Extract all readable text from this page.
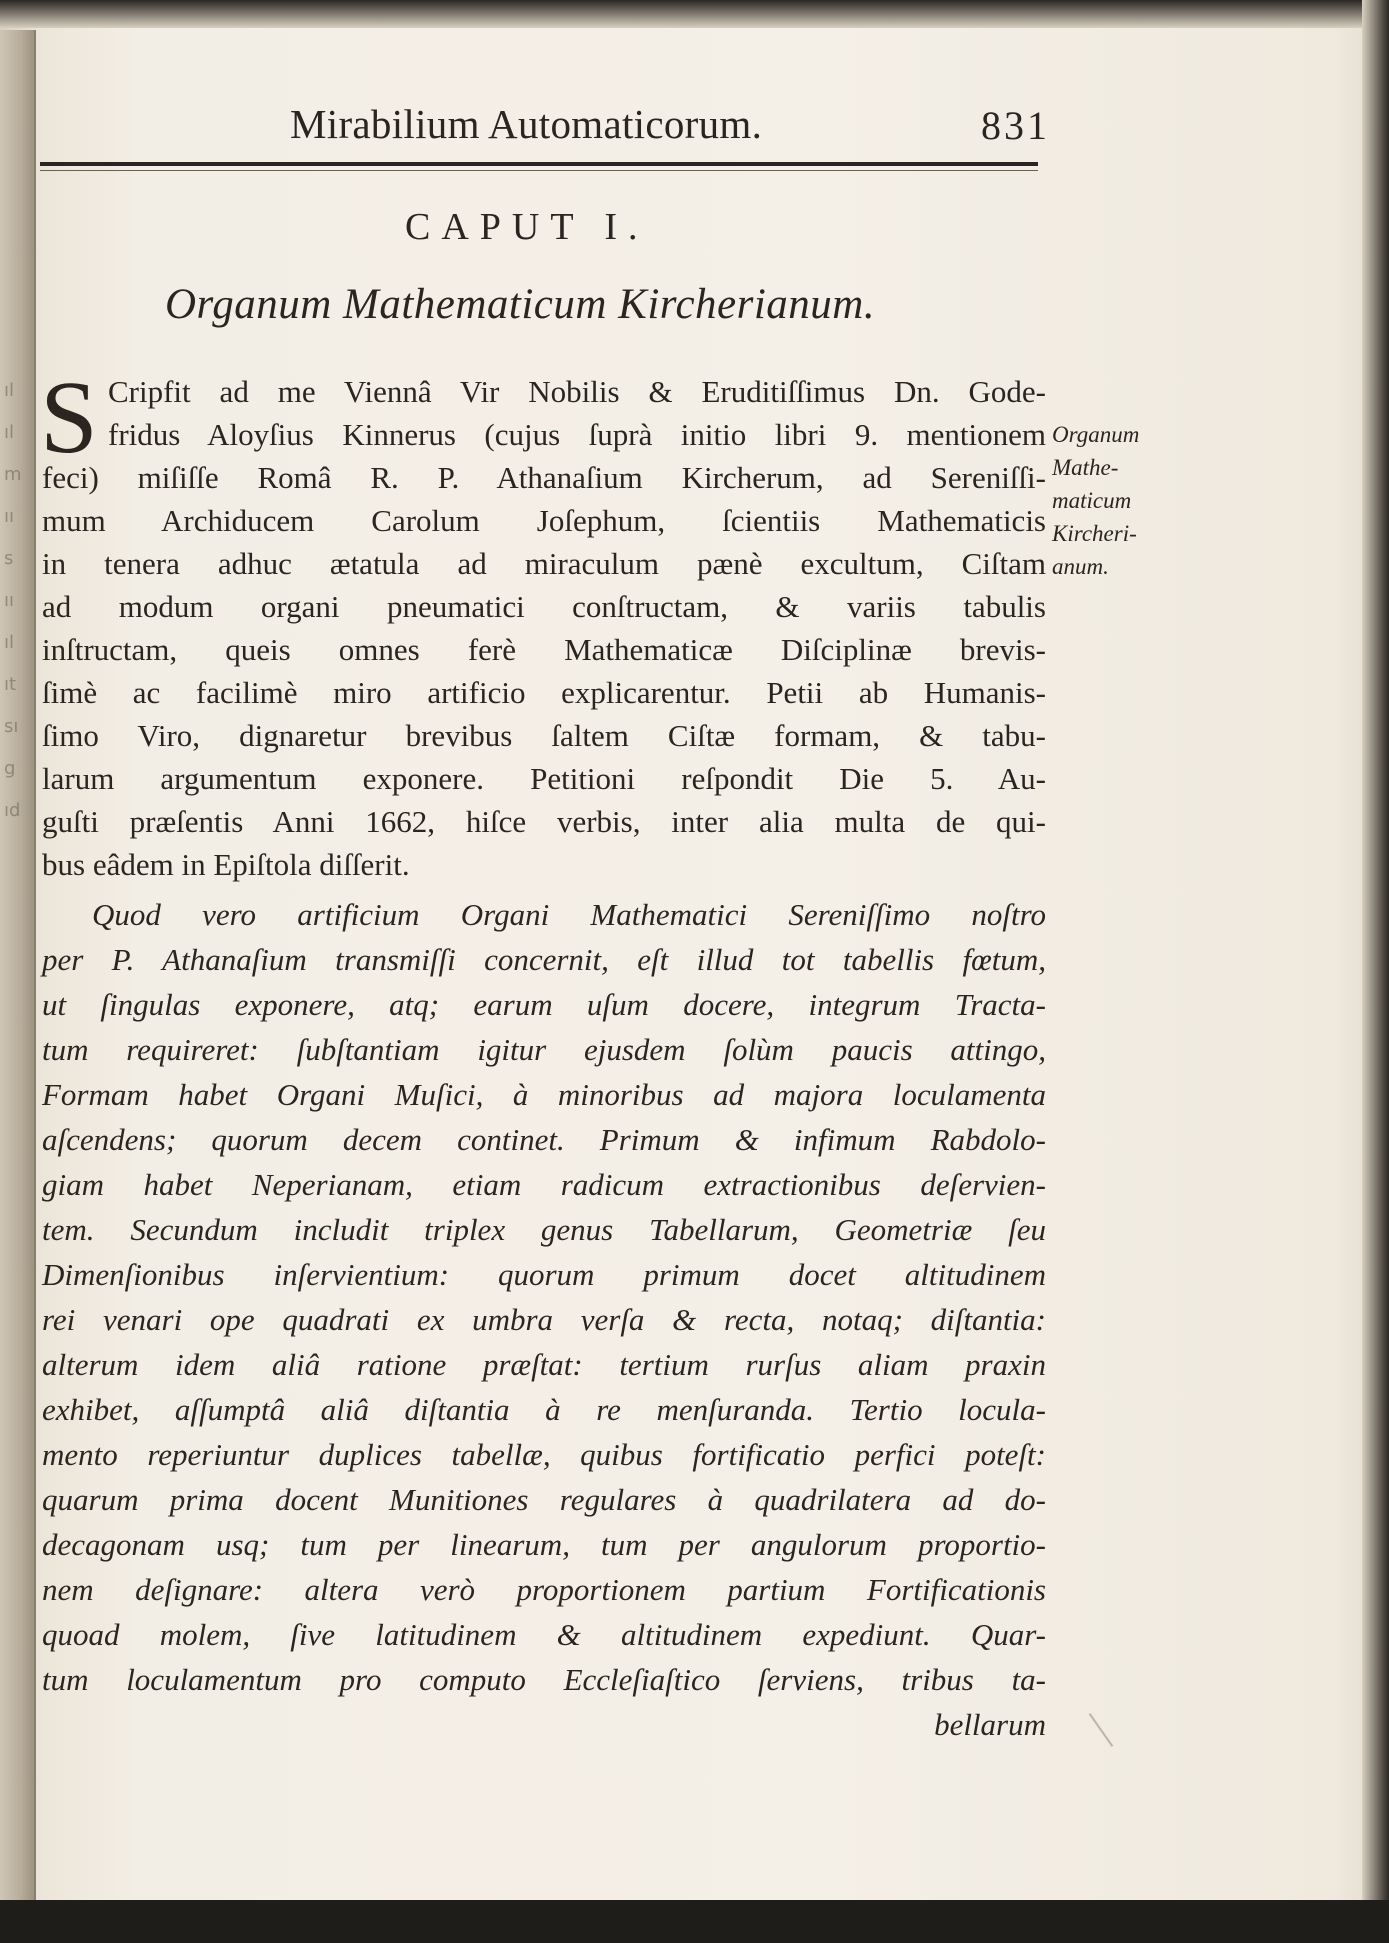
ıl
ıl
m
ıı
s
ıı
ıl
ıt
sı
g
ıd
Mirabilium Automaticorum.	831
CAPUT I.
Organum Mathematicum Kircherianum.
S Cripfit ad me Viennâ Vir Nobilis & Eruditiſſimus Dn. Gode-
fridus Aloyſius Kinnerus (cujus ſuprà initio libri 9. mentionem
feci) miſiſſe Româ R. P. Athanaſium Kircherum, ad Sereniſſi-
mum Archiducem Carolum Joſephum, ſcientiis Mathematicis
in tenera adhuc ætatula ad miraculum pænè excultum, Ciſtam
ad modum organi pneumatici conſtructam, & variis tabulis
inſtructam, queis omnes ferè Mathematicæ Diſciplinæ brevis-
ſimè ac facilimè miro artificio explicarentur. Petii ab Humanis-
ſimo Viro, dignaretur brevibus ſaltem Ciſtæ formam, & tabu-
larum argumentum exponere. Petitioni reſpondit Die 5. Au-
guſti præſentis Anni 1662, hiſce verbis, inter alia multa de qui-
bus eâdem in Epiſtola diſſerit.
Organum
Mathe-
maticum
Kircheri-
anum.
Quod vero artificium Organi Mathematici Sereniſſimo noſtro
per P. Athanaſium transmiſſi concernit, eſt illud tot tabellis fœtum,
ut ſingulas exponere, atq; earum uſum docere, integrum Tracta-
tum requireret: ſubſtantiam igitur ejusdem ſolùm paucis attingo,
Formam habet Organi Muſici, à minoribus ad majora loculamenta
aſcendens; quorum decem continet. Primum & infimum Rabdolo-
giam habet Neperianam, etiam radicum extractionibus deſervien-
tem. Secundum includit triplex genus Tabellarum, Geometriæ ſeu
Dimenſionibus inſervientium: quorum primum docet altitudinem
rei venari ope quadrati ex umbra verſa & recta, notaq; diſtantia:
alterum idem aliâ ratione præſtat: tertium rurſus aliam praxin
exhibet, aſſumptâ aliâ diſtantia à re menſuranda. Tertio locula-
mento reperiuntur duplices tabellæ, quibus fortificatio perfici poteſt:
quarum prima docent Munitiones regulares à quadrilatera ad do-
decagonam usq; tum per linearum, tum per angulorum proportio-
nem deſignare: altera verò proportionem partium Fortificationis
quoad molem, ſive latitudinem & altitudinem expediunt. Quar-
tum loculamentum pro computo Eccleſiaſtico ſerviens, tribus ta-
bellarum
